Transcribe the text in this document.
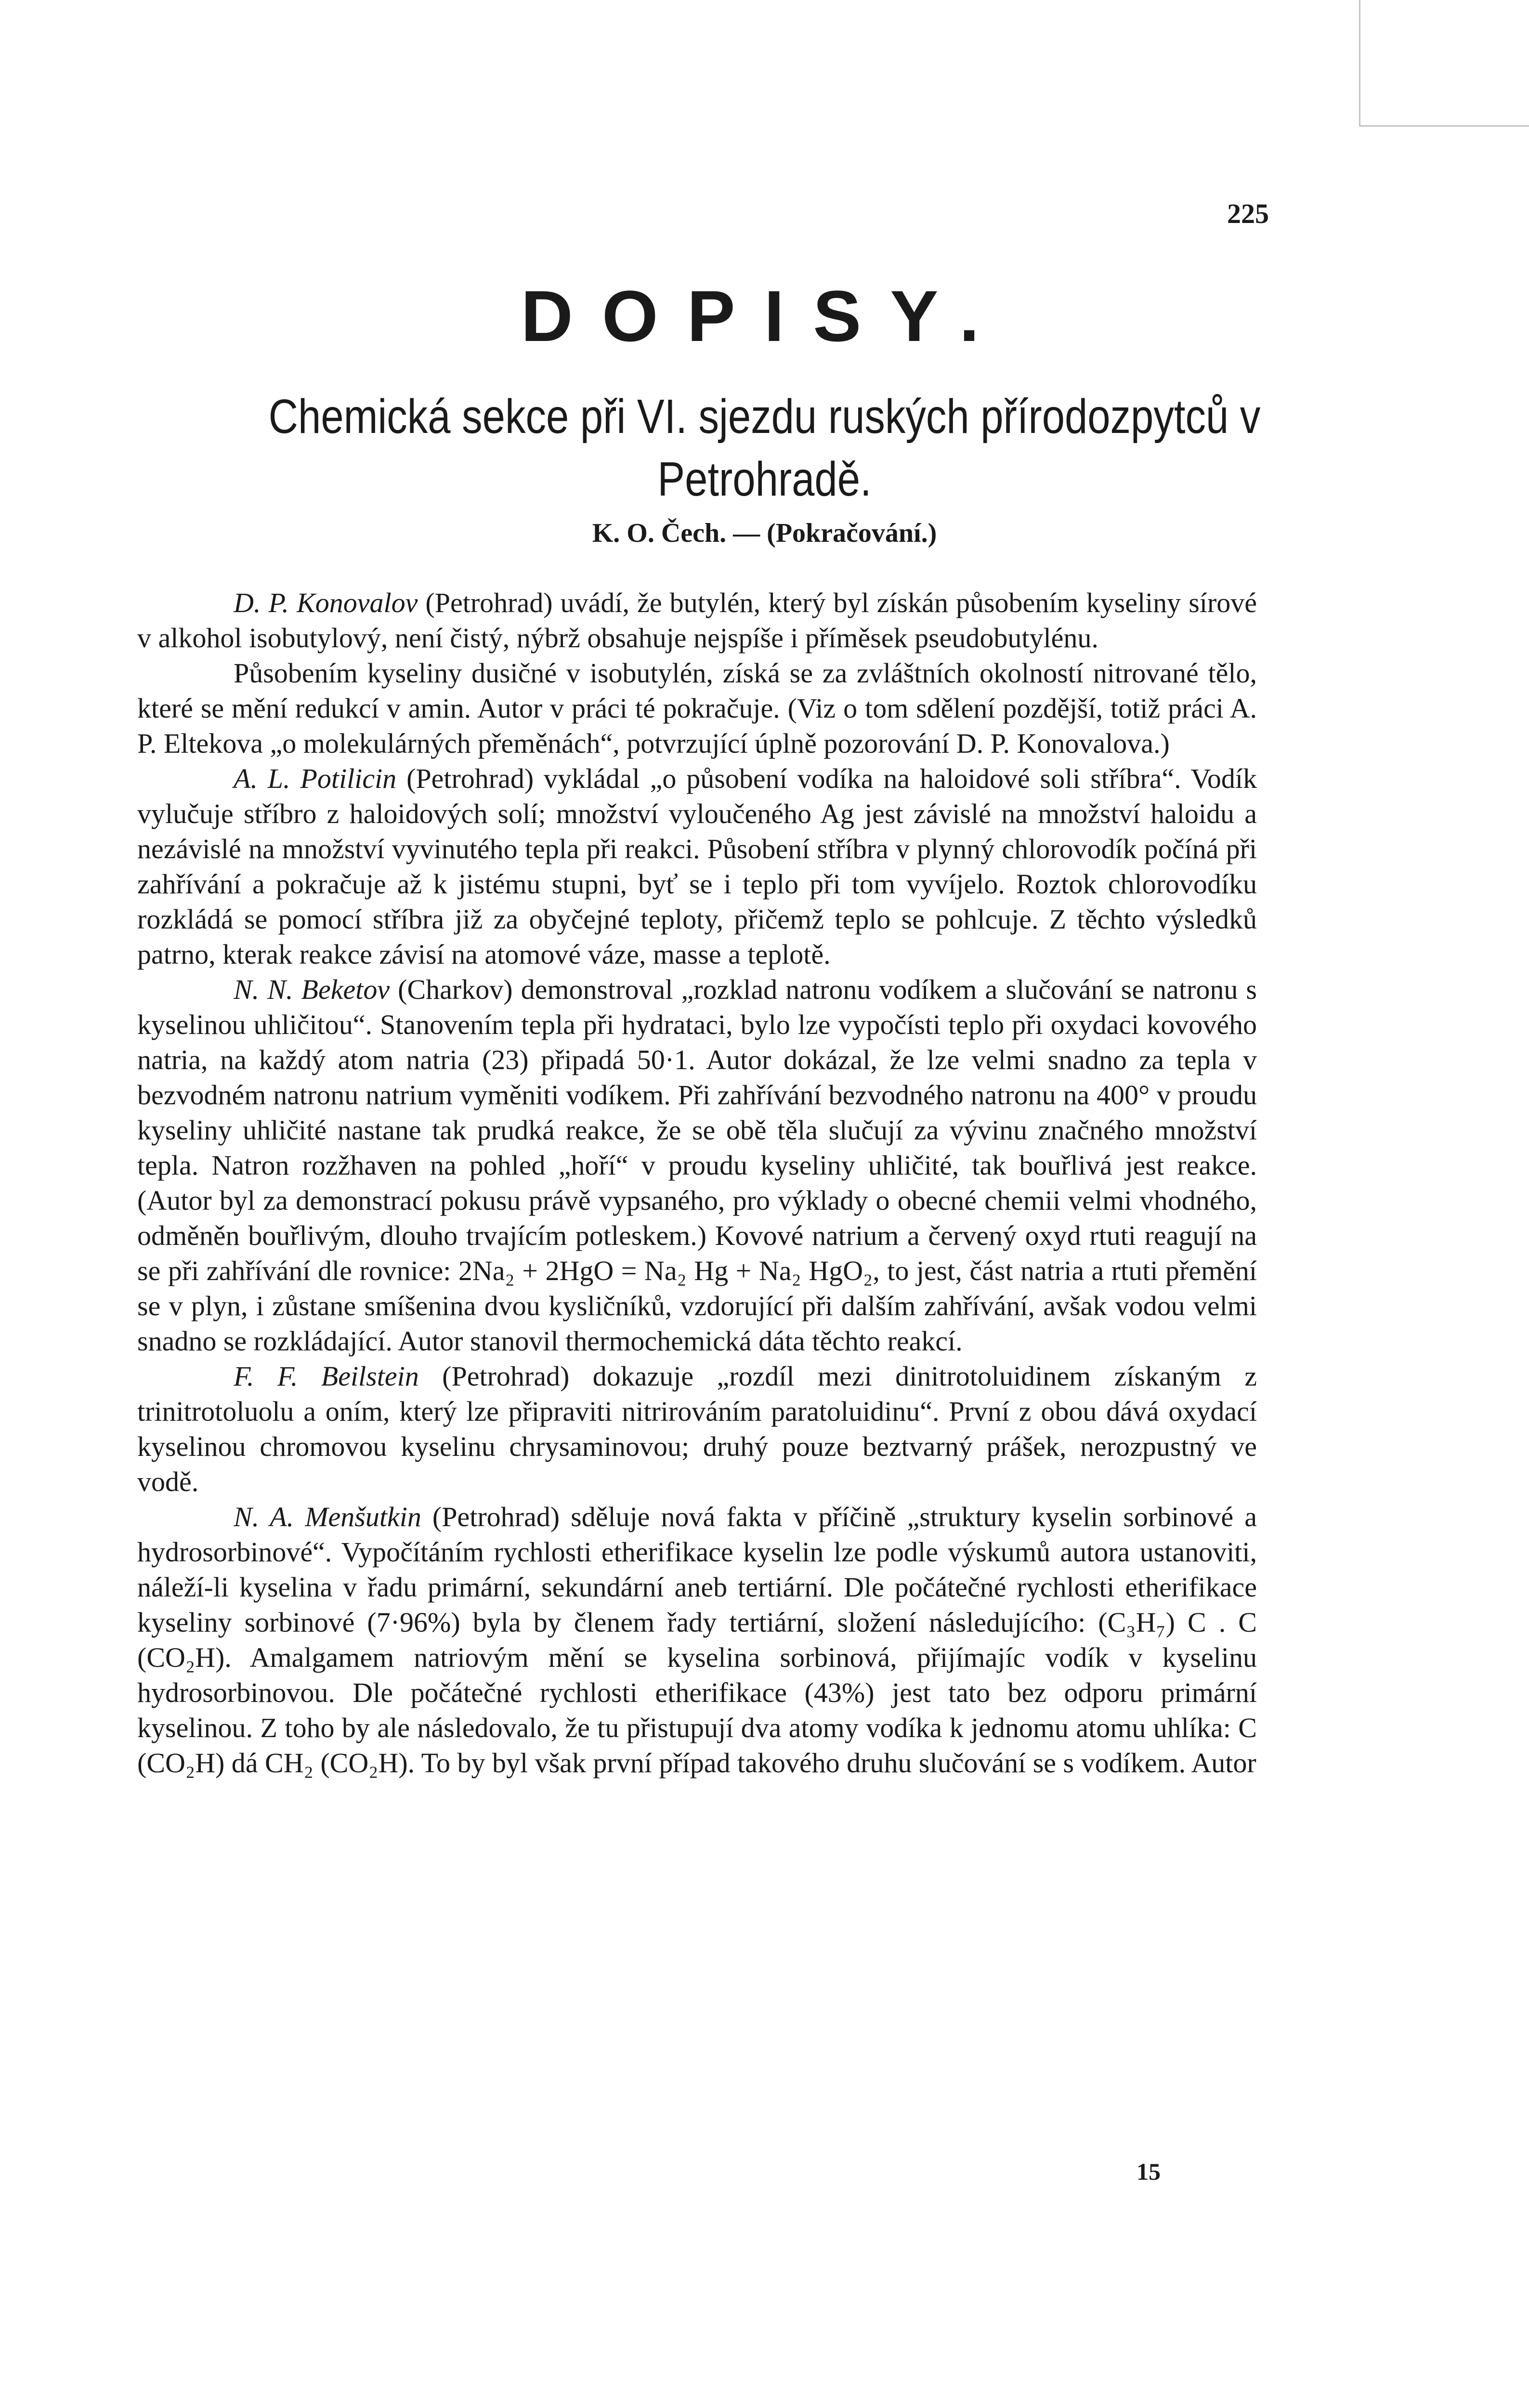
225
DOPISY.
Chemická sekce při VI. sjezdu ruských přírodozpytců v Petrohradě.
K. O. Čech. — (Pokračování.)

D. P. Konovalov (Petrohrad) uvádí, že butylén, který byl získán působením kyseliny sírové v alkohol isobutylový, není čistý, nýbrž obsahuje nejspíše i příměsek pseudobutylénu.

Působením kyseliny dusičné v isobutylén, získá se za zvláštních okolností nitrované tělo, které se mění redukcí v amin. Autor v práci té pokračuje. (Viz o tom sdělení pozdější, totiž práci A. P. Eltekova „o molekulárných přeměnách“, potvrzující úplně pozorování D. P. Konovalova.)

A. L. Potilicin (Petrohrad) vykládal „o působení vodíka na haloidové soli stříbra“. Vodík vylučuje stříbro z haloidových solí; množství vyloučeného Ag jest závislé na množství haloidu a nezávislé na množství vyvinutého tepla při reakci. Působení stříbra v plynný chlorovodík počíná při zahřívání a pokračuje až k jistému stupni, byť se i teplo při tom vyvíjelo. Roztok chlorovodíku rozkládá se pomocí stříbra již za obyčejné teploty, přičemž teplo se pohlcuje. Z těchto výsledků patrno, kterak reakce závisí na atomové váze, masse a teplotě.

N. N. Beketov (Charkov) demonstroval „rozklad natronu vodíkem a slučování se natronu s kyselinou uhličitou“. Stanovením tepla při hydrataci, bylo lze vypočísti teplo při oxydaci kovového natria, na každý atom natria (23) připadá 50·1. Autor dokázal, že lze velmi snadno za tepla v bezvodném natronu natrium vyměniti vodíkem. Při zahřívání bezvodného natronu na 400° v proudu kyseliny uhličité nastane tak prudká reakce, že se obě těla slučují za vývinu značného množství tepla. Natron rozžhaven na pohled „hoří“ v proudu kyseliny uhličité, tak bouřlivá jest reakce. (Autor byl za demonstrací pokusu právě vypsaného, pro výklady o obecné chemii velmi vhodného, odměněn bouřlivým, dlouho trvajícím potleskem.) Kovové natrium a červený oxyd rtuti reagují na se při zahřívání dle rovnice: 2Na₂ + 2HgO = Na₂ Hg + Na₂ HgO₂, to jest, část natria a rtuti přemění se v plyn, i zůstane smíšenina dvou kysličníků, vzdorující při dalším zahřívání, avšak vodou velmi snadno se rozkládající. Autor stanovil thermochemická dáta těchto reakcí.

F. F. Beilstein (Petrohrad) dokazuje „rozdíl mezi dinitrotoluidinem získaným z trinitrotoluolu a oním, který lze připraviti nitrirováním paratoluidinu“. První z obou dává oxydací kyselinou chromovou kyselinu chrysaminovou; druhý pouze beztvarný prášek, nerozpustný ve vodě.

N. A. Menšutkin (Petrohrad) sděluje nová fakta v příčině „struktury kyselin sorbinové a hydrosorbinové“. Vypočítáním rychlosti etherifikace kyselin lze podle výskumů autora ustanoviti, náleží-li kyselina v řadu primární, sekundární aneb tertiární. Dle počátečné rychlosti etherifikace kyseliny sorbinové (7·96%) byla by členem řady tertiární, složení následujícího: (C₃H₇) C . C (CO₂H). Amalgamem natriovým mění se kyselina sorbinová, přijímajíc vodík v kyselinu hydrosorbinovou. Dle počátečné rychlosti etherifikace (43%) jest tato bez odporu primární kyselinou. Z toho by ale následovalo, že tu přistupují dva atomy vodíka k jednomu atomu uhlíka: C (CO₂H) dá CH₂ (CO₂H). To by byl však první případ takového druhu slučování se s vodíkem. Autor

15
